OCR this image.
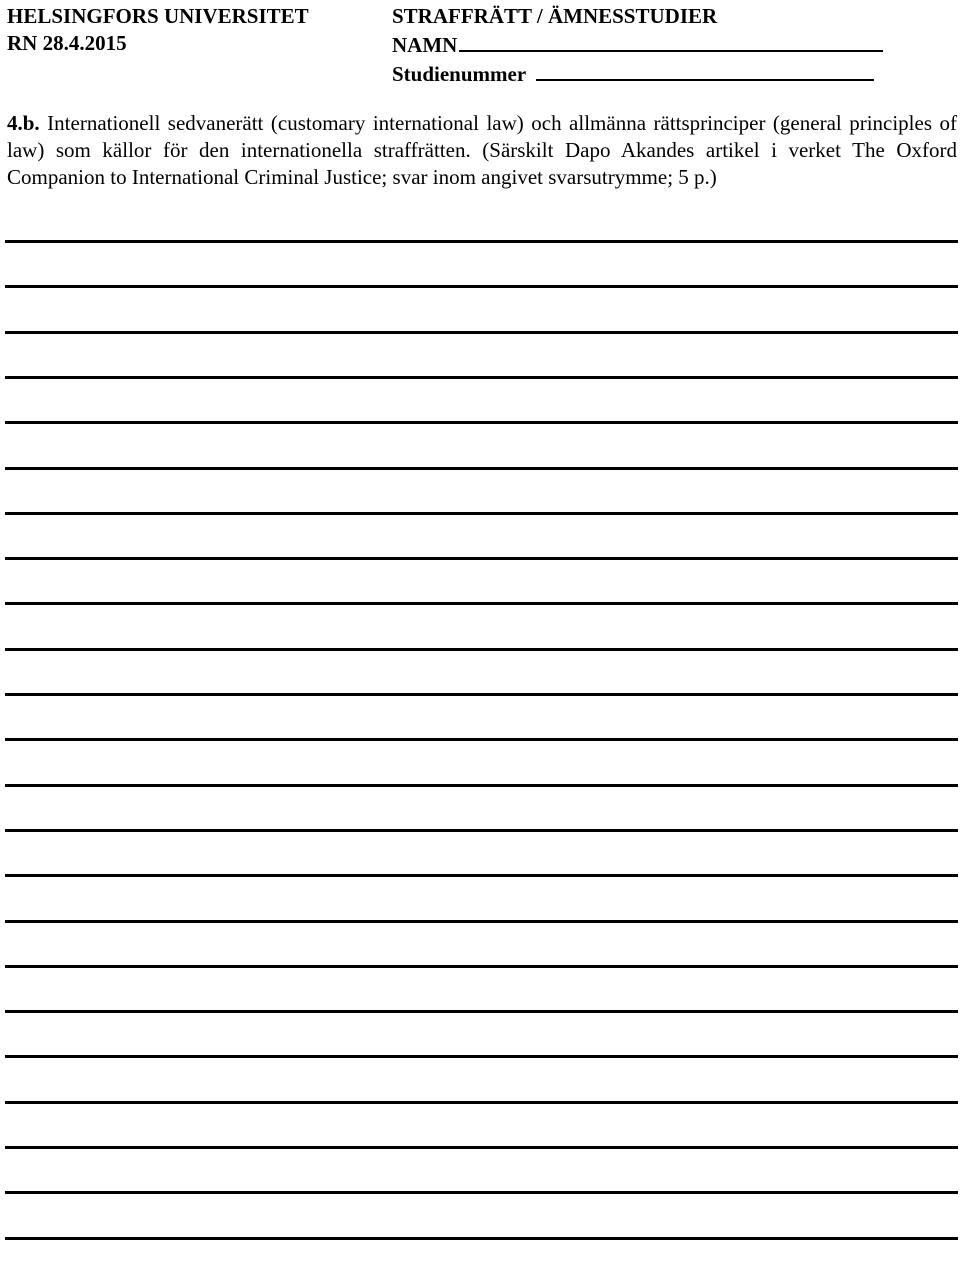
HELSINGFORS UNIVERSITET
RN 28.4.2015
STRAFFRÄTT / ÄMNESSTUDIER
NAMN
Studienummer
4.b. Internationell sedvanerätt (customary international law) och allmänna rättsprinciper (general principles of law) som källor för den internationella straffrätten. (Särskilt Dapo Akandes artikel i verket The Oxford Companion to International Criminal Justice; svar inom angivet svarsutrymme; 5 p.)
